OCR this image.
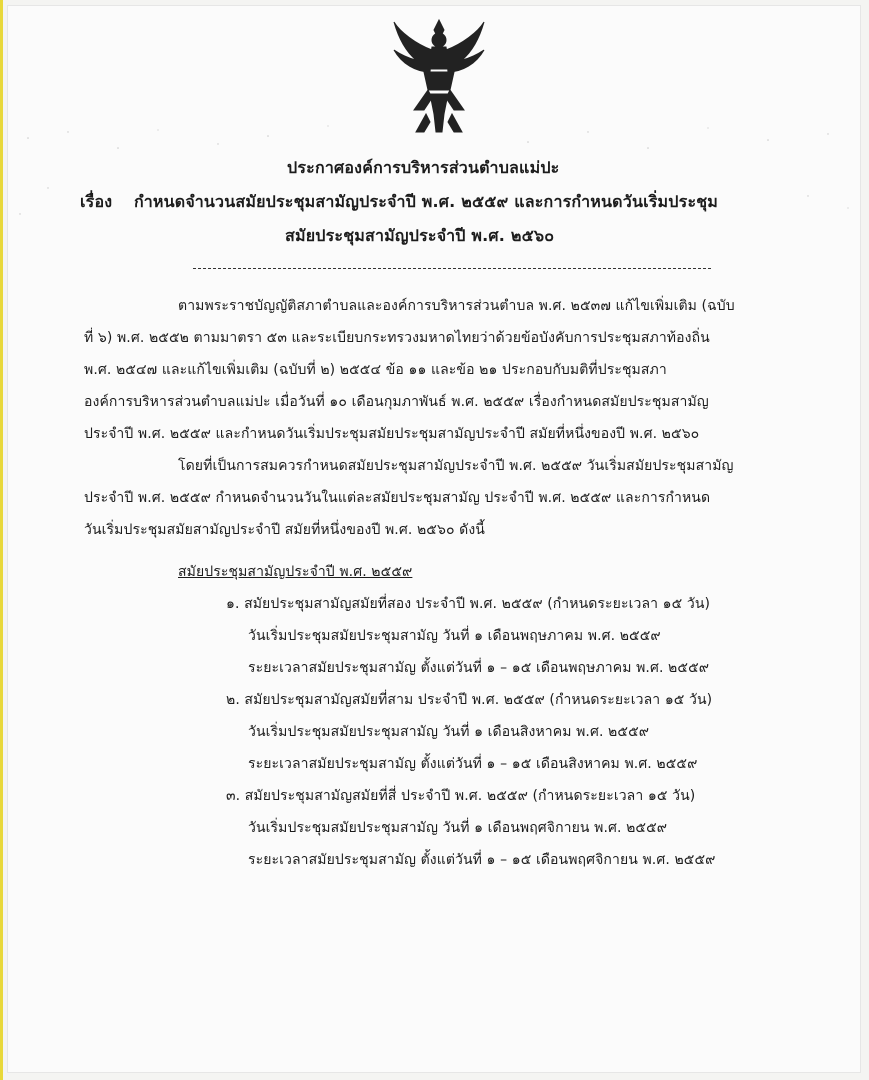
ประกาศองค์การบริหารส่วนตำบลแม่ปะ
เรื่อง กำหนดจำนวนสมัยประชุมสามัญประจำปี พ.ศ. ๒๕๕๙ และการกำหนดวันเริ่มประชุม
สมัยประชุมสามัญประจำปี พ.ศ. ๒๕๖๐
ตามพระราชบัญญัติสภาตำบลและองค์การบริหารส่วนตำบล พ.ศ. ๒๕๓๗ แก้ไขเพิ่มเติม (ฉบับ
ที่ ๖) พ.ศ. ๒๕๕๒ ตามมาตรา ๕๓ และระเบียบกระทรวงมหาดไทยว่าด้วยข้อบังคับการประชุมสภาท้องถิ่น
พ.ศ. ๒๕๔๗ และแก้ไขเพิ่มเติม (ฉบับที่ ๒) ๒๕๕๔ ข้อ ๑๑ และข้อ ๒๑ ประกอบกับมติที่ประชุมสภา
องค์การบริหารส่วนตำบลแม่ปะ เมื่อวันที่ ๑๐ เดือนกุมภาพันธ์ พ.ศ. ๒๕๕๙ เรื่องกำหนดสมัยประชุมสามัญ
ประจำปี พ.ศ. ๒๕๕๙ และกำหนดวันเริ่มประชุมสมัยประชุมสามัญประจำปี สมัยที่หนึ่งของปี พ.ศ. ๒๕๖๐
โดยที่เป็นการสมควรกำหนดสมัยประชุมสามัญประจำปี พ.ศ. ๒๕๕๙ วันเริ่มสมัยประชุมสามัญ
ประจำปี พ.ศ. ๒๕๕๙ กำหนดจำนวนวันในแต่ละสมัยประชุมสามัญ ประจำปี พ.ศ. ๒๕๕๙ และการกำหนด
วันเริ่มประชุมสมัยสามัญประจำปี สมัยที่หนึ่งของปี พ.ศ. ๒๕๖๐ ดังนี้
สมัยประชุมสามัญประจำปี พ.ศ. ๒๕๕๙
๑. สมัยประชุมสามัญสมัยที่สอง ประจำปี พ.ศ. ๒๕๕๙ (กำหนดระยะเวลา ๑๕ วัน)
วันเริ่มประชุมสมัยประชุมสามัญ วันที่ ๑ เดือนพฤษภาคม พ.ศ. ๒๕๕๙
ระยะเวลาสมัยประชุมสามัญ ตั้งแต่วันที่ ๑ – ๑๕ เดือนพฤษภาคม พ.ศ. ๒๕๕๙
๒. สมัยประชุมสามัญสมัยที่สาม ประจำปี พ.ศ. ๒๕๕๙ (กำหนดระยะเวลา ๑๕ วัน)
วันเริ่มประชุมสมัยประชุมสามัญ วันที่ ๑ เดือนสิงหาคม พ.ศ. ๒๕๕๙
ระยะเวลาสมัยประชุมสามัญ ตั้งแต่วันที่ ๑ – ๑๕ เดือนสิงหาคม พ.ศ. ๒๕๕๙
๓. สมัยประชุมสามัญสมัยที่สี่ ประจำปี พ.ศ. ๒๕๕๙ (กำหนดระยะเวลา ๑๕ วัน)
วันเริ่มประชุมสมัยประชุมสามัญ วันที่ ๑ เดือนพฤศจิกายน พ.ศ. ๒๕๕๙
ระยะเวลาสมัยประชุมสามัญ ตั้งแต่วันที่ ๑ – ๑๕ เดือนพฤศจิกายน พ.ศ. ๒๕๕๙
